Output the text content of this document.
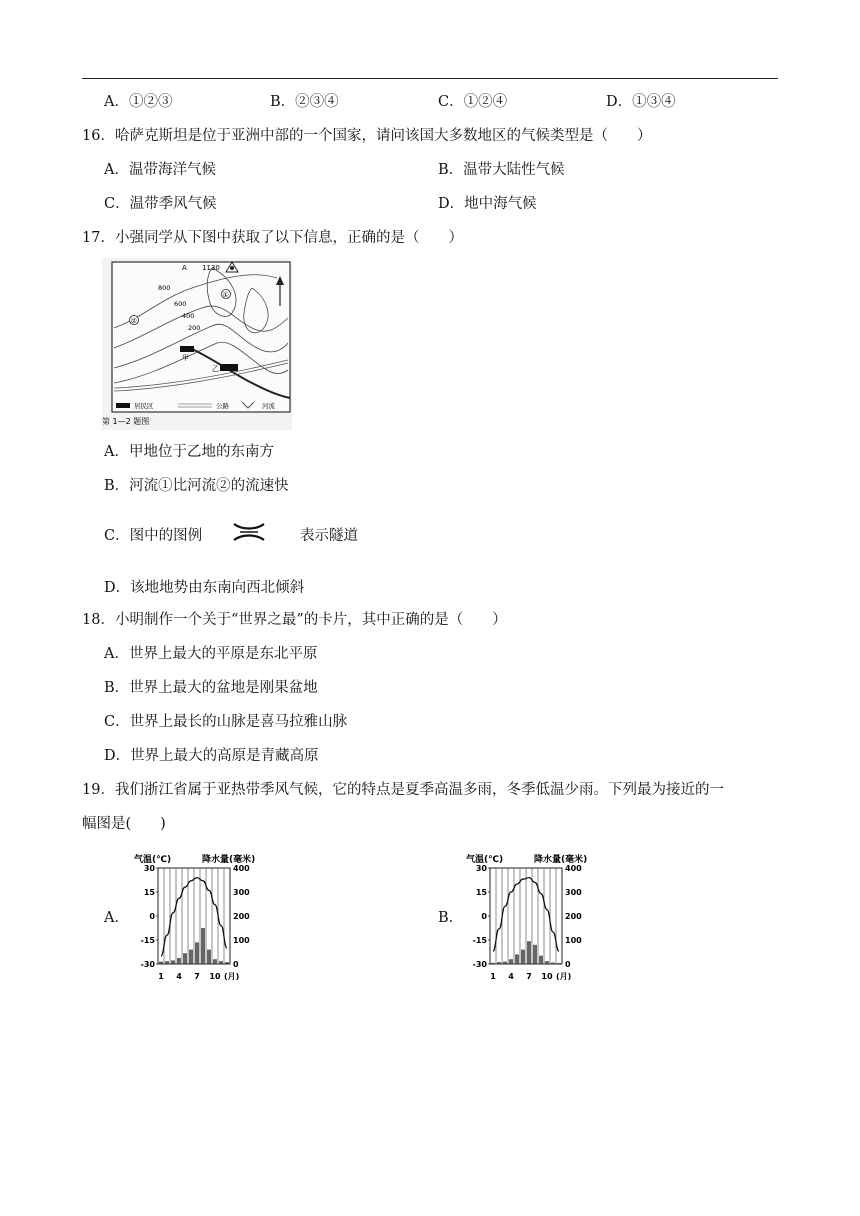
A．①②③	B．②③④	C．①②④	D．①③④
16．哈萨克斯坦是位于亚洲中部的一个国家，请问该国大多数地区的气候类型是（　　）
A．温带海洋气候	B．温带大陆性气候
C．温带季风气候	D．地中海气候
17．小强同学从下图中获取了以下信息，正确的是（　　）
1130
A
800
600
400
200
①
②
甲
乙
居民区	公路	河流
第 1—2 题图
A．甲地位于乙地的东南方
B．河流①比河流②的流速快
C．图中的图例	表示隧道
D．该地地势由东南向西北倾斜
18．小明制作一个关于“世界之最”的卡片，其中正确的是（　　）
A．世界上最大的平原是东北平原
B．世界上最大的盆地是刚果盆地
C．世界上最长的山脉是喜马拉雅山脉
D．世界上最大的高原是青藏高原
19．我们浙江省属于亚热带季风气候，它的特点是夏季高温多雨，冬季低温少雨。下列最为接近的一
幅图是(　　)
A．	B．
气温(℃)	降水量(毫米)
(月)
30
15
0
-15
-30
400
300
200
100
0
1 4 7 10
气温(℃)	降水量(毫米)
(月)
30
15
0
-15
-30
400
300
200
100
0
1 4 7 10
